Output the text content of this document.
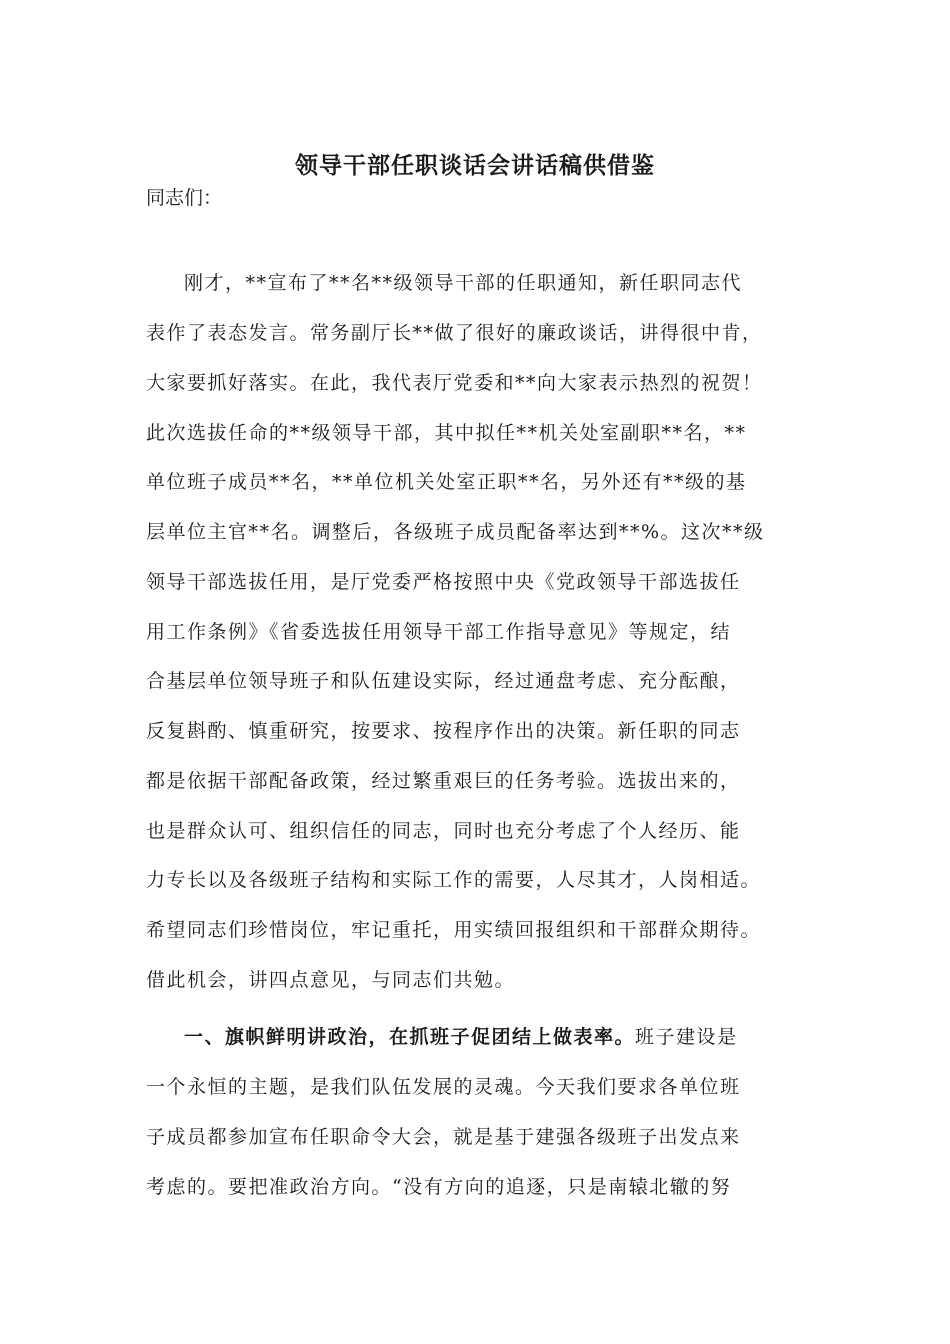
领导干部任职谈话会讲话稿供借鉴
同志们：
刚才，**宣布了**名**级领导干部的任职通知，新任职同志代
表作了表态发言。常务副厅长**做了很好的廉政谈话，讲得很中肯，
大家要抓好落实。在此，我代表厅党委和**向大家表示热烈的祝贺！
此次选拔任命的**级领导干部，其中拟任**机关处室副职**名，**
单位班子成员**名，**单位机关处室正职**名，另外还有**级的基
层单位主官**名。调整后，各级班子成员配备率达到**%。这次**级
领导干部选拔任用，是厅党委严格按照中央《党政领导干部选拔任
用工作条例》《省委选拔任用领导干部工作指导意见》等规定，结
合基层单位领导班子和队伍建设实际，经过通盘考虑、充分酝酿，
反复斟酌、慎重研究，按要求、按程序作出的决策。新任职的同志
都是依据干部配备政策，经过繁重艰巨的任务考验。选拔出来的，
也是群众认可、组织信任的同志，同时也充分考虑了个人经历、能
力专长以及各级班子结构和实际工作的需要，人尽其才，人岗相适。
希望同志们珍惜岗位，牢记重托，用实绩回报组织和干部群众期待。
借此机会，讲四点意见，与同志们共勉。
一、旗帜鲜明讲政治，在抓班子促团结上做表率。班子建设是
一个永恒的主题，是我们队伍发展的灵魂。今天我们要求各单位班
子成员都参加宣布任职命令大会，就是基于建强各级班子出发点来
考虑的。要把准政治方向。“没有方向的追逐，只是南辕北辙的努
